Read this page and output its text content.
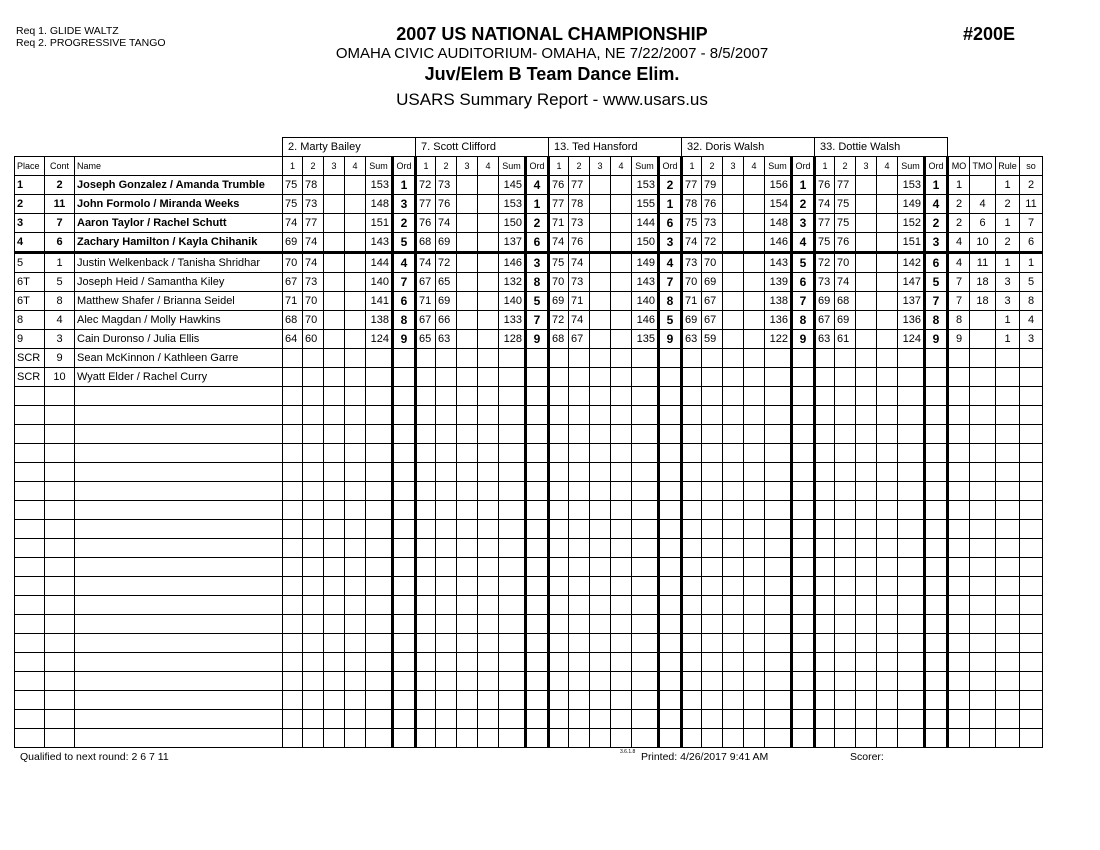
Req 1. GLIDE WALTZ
Req 2. PROGRESSIVE TANGO	2007 US NATIONAL CHAMPIONSHIP
OMAHA CIVIC AUDITORIUM- OMAHA, NE 7/22/2007 - 8/5/2007
Juv/Elem B Team Dance Elim.
USARS Summary Report - www.usars.us
#200E
			2. Marty Bailey						7. Scott Clifford						13. Ted Hansford						32. Doris Walsh						33. Dottie Walsh									
Place	Cont	Name	1	2	3	4	Sum	Ord	1	2	3	4	Sum	Ord	1	2	3	4	Sum	Ord	1	2	3	4	Sum	Ord	1	2	3	4	Sum	Ord	MO	TMO	Rule	so
1	2	Joseph Gonzalez / Amanda Trumble	75	78			153	1	72	73			145	4	76	77			153	2	77	79			156	1	76	77			153	1	1		1	2
2	11	John Formolo / Miranda Weeks	75	73			148	3	77	76			153	1	77	78			155	1	78	76			154	2	74	75			149	4	2	4	2	11
3	7	Aaron Taylor / Rachel Schutt	74	77			151	2	76	74			150	2	71	73			144	6	75	73			148	3	77	75			152	2	2	6	1	7
4	6	Zachary Hamilton / Kayla Chihanik	69	74			143	5	68	69			137	6	74	76			150	3	74	72			146	4	75	76			151	3	4	10	2	6
5	1	Justin Welkenback / Tanisha Shridhar	70	74			144	4	74	72			146	3	75	74			149	4	73	70			143	5	72	70			142	6	4	11	1	1
6T	5	Joseph Heid / Samantha Kiley	67	73			140	7	67	65			132	8	70	73			143	7	70	69			139	6	73	74			147	5	7	18	3	5
6T	8	Matthew Shafer / Brianna Seidel	71	70			141	6	71	69			140	5	69	71			140	8	71	67			138	7	69	68			137	7	7	18	3	8
8	4	Alec Magdan / Molly Hawkins	68	70			138	8	67	66			133	7	72	74			146	5	69	67			136	8	67	69			136	8	8		1	4
9	3	Cain Duronso / Julia Ellis	64	60			124	9	65	63			128	9	68	67			135	9	63	59			122	9	63	61			124	9	9		1	3
SCR	9	Sean McKinnon / Kathleen Garre																																		
SCR	10	Wyatt Elder / Rachel Curry																																		

Qualified to next round: 2 6 7 11	3.6.1.8 Printed: 4/26/2017 9:41 AM	Scorer:
